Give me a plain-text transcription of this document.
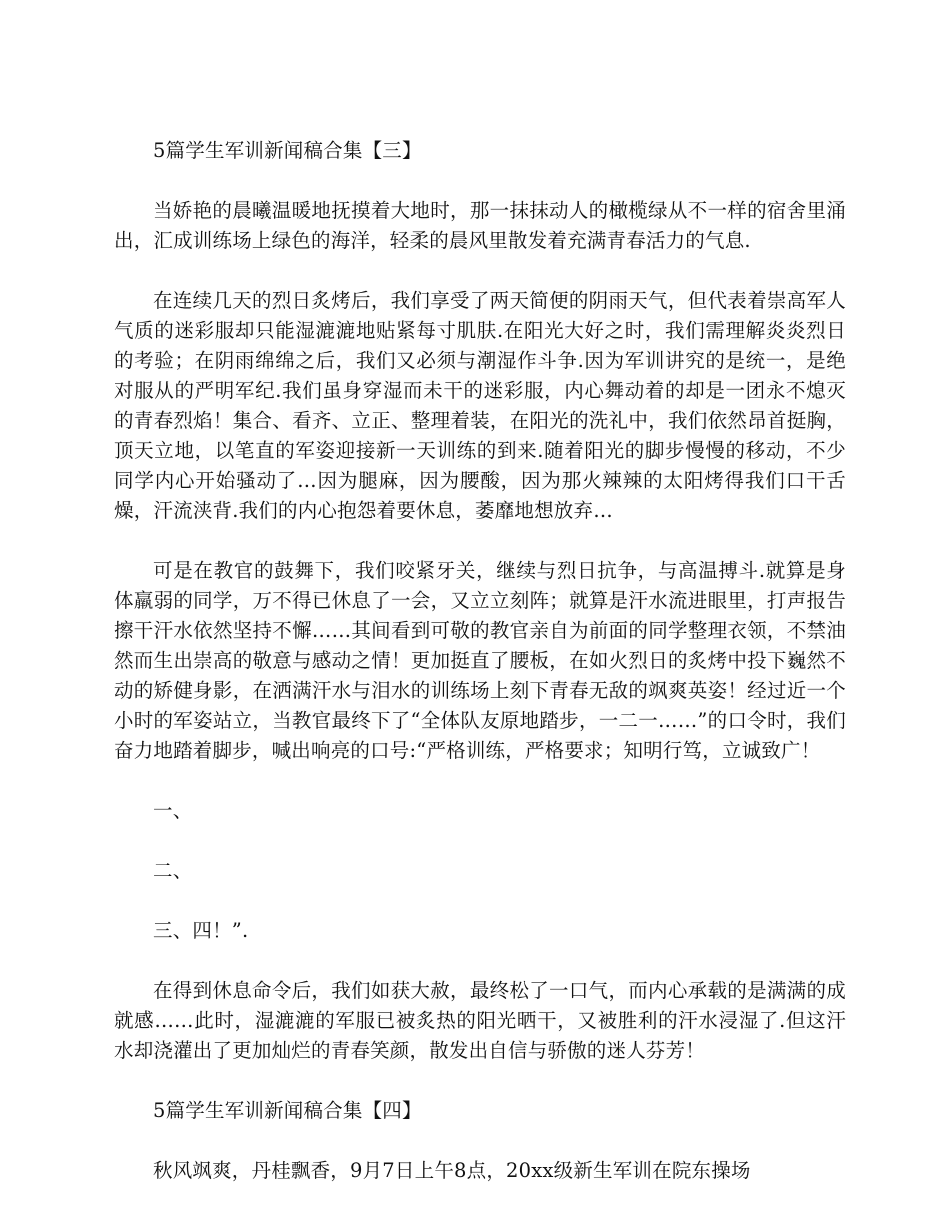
5篇学生军训新闻稿合集【三】

当娇艳的晨曦温暖地抚摸着大地时，那一抹抹动人的橄榄绿从不一样的宿舍里涌出，汇成训练场上绿色的海洋，轻柔的晨风里散发着充满青春活力的气息.

在连续几天的烈日炙烤后，我们享受了两天简便的阴雨天气，但代表着崇高军人气质的迷彩服却只能湿漉漉地贴紧每寸肌肤.在阳光大好之时，我们需理解炎炎烈日的考验；在阴雨绵绵之后，我们又必须与潮湿作斗争.因为军训讲究的是统一，是绝对服从的严明军纪.我们虽身穿湿而未干的迷彩服，内心舞动着的却是一团永不熄灭的青春烈焰！集合、看齐、立正、整理着装，在阳光的洗礼中，我们依然昂首挺胸，顶天立地，以笔直的军姿迎接新一天训练的到来.随着阳光的脚步慢慢的移动，不少同学内心开始骚动了…因为腿麻，因为腰酸，因为那火辣辣的太阳烤得我们口干舌燥，汗流浃背.我们的内心抱怨着要休息，萎靡地想放弃…

可是在教官的鼓舞下，我们咬紧牙关，继续与烈日抗争，与高温搏斗.就算是身体羸弱的同学，万不得已休息了一会，又立立刻阵；就算是汗水流进眼里，打声报告擦干汗水依然坚持不懈……其间看到可敬的教官亲自为前面的同学整理衣领，不禁油然而生出崇高的敬意与感动之情！更加挺直了腰板，在如火烈日的炙烤中投下巍然不动的矫健身影，在洒满汗水与泪水的训练场上刻下青春无敌的飒爽英姿！经过近一个小时的军姿站立，当教官最终下了“全体队友原地踏步，一二一……”的口令时，我们奋力地踏着脚步，喊出响亮的口号:“严格训练，严格要求；知明行笃，立诚致广！

一、

二、

三、四！”.

在得到休息命令后，我们如获大赦，最终松了一口气，而内心承载的是满满的成就感……此时，湿漉漉的军服已被炙热的阳光晒干，又被胜利的汗水浸湿了.但这汗水却浇灌出了更加灿烂的青春笑颜，散发出自信与骄傲的迷人芬芳！

5篇学生军训新闻稿合集【四】

秋风飒爽，丹桂飘香，9月7日上午8点，20xx级新生军训在院东操场
